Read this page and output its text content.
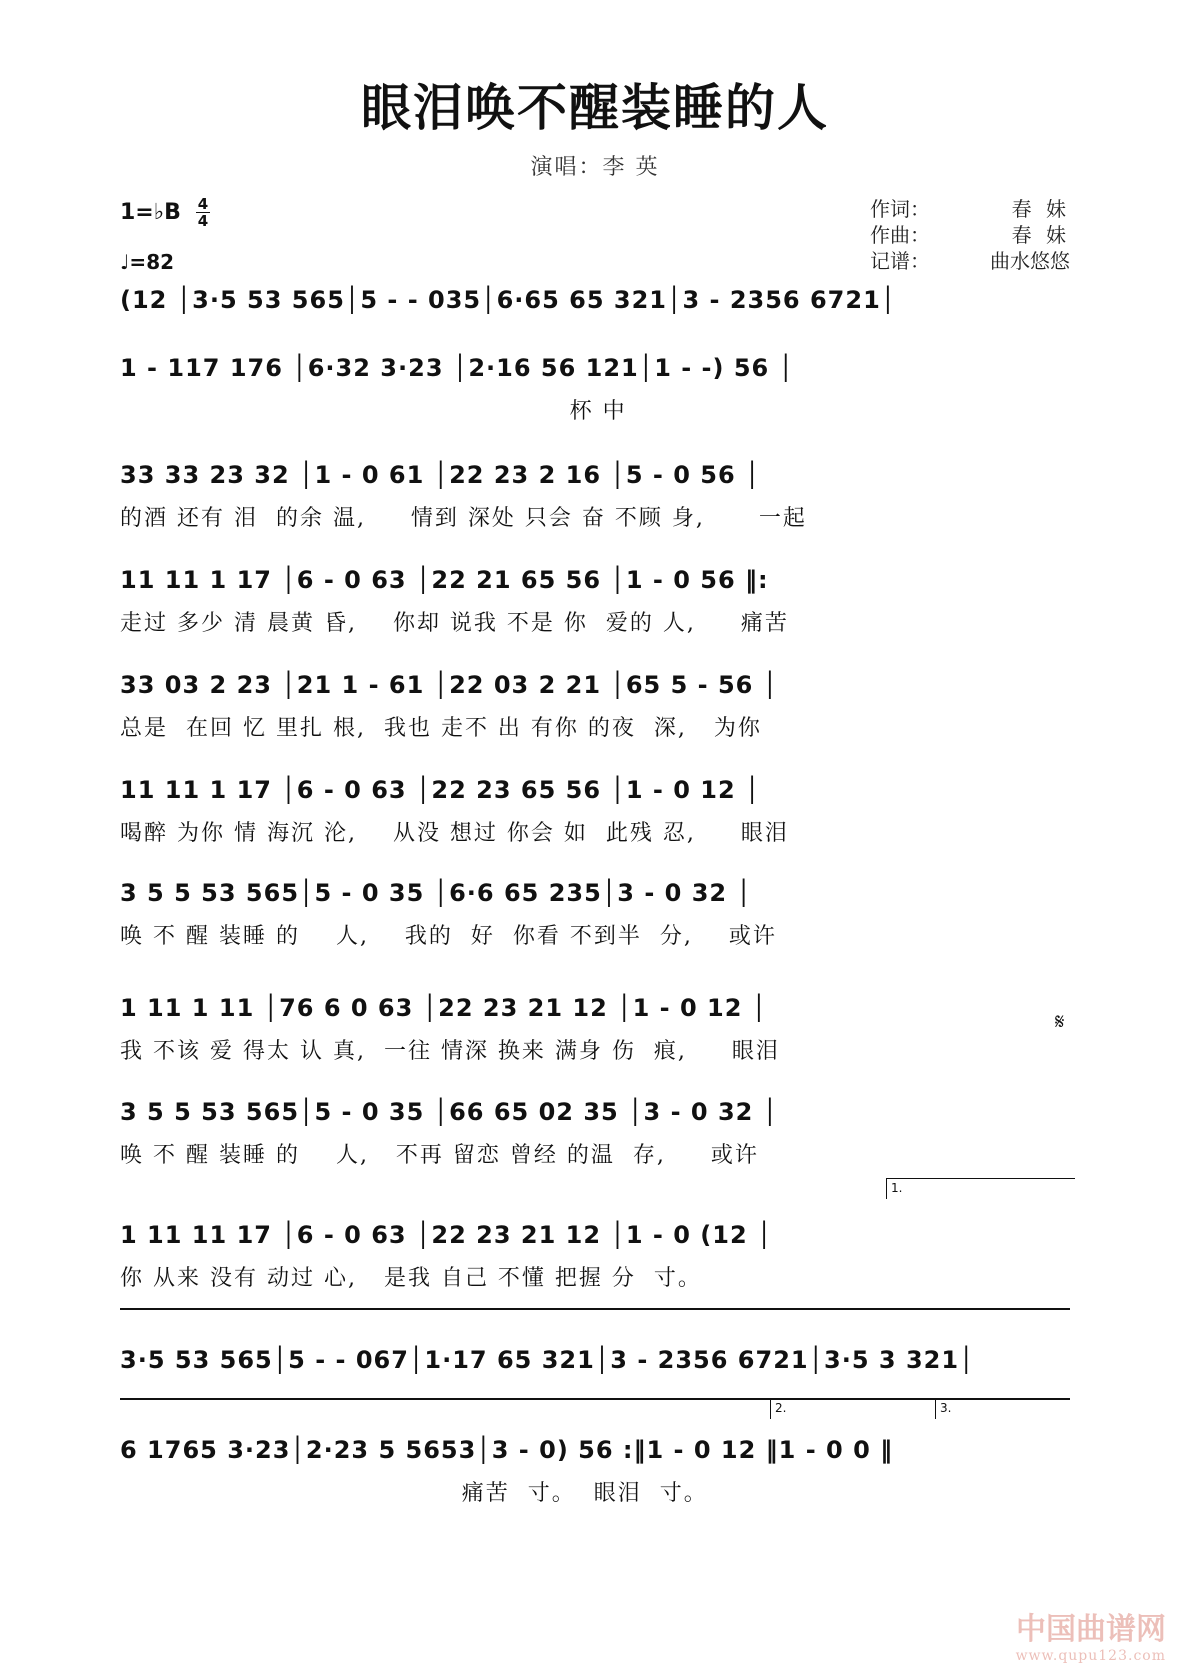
眼泪唤不醒装睡的人
演唱：李 英
1=♭B 4
4
♩=82
作词：	春 妹
作曲：	春 妹
记谱：	曲水悠悠
(12 │3·5 53 565│5 - - 035│6·65 65 321│3 - 2356 6721│
1 - 117 176 │6·32 3·23 │2·16 56 121│1 - -) 56 │
杯 中
33 33 23 32 │1 - 0 61 │22 23 2 16 │5 - 0 56 │
的酒 还有 泪  的余 温,     情到 深处 只会 奋 不顾 身,      一起
11 11 1 17 │6 - 0 63 │22 21 65 56 │1 - 0 56 ‖:
走过 多少 清 晨黄 昏,    你却 说我 不是 你  爱的 人,     痛苦
33 03 2 23 │21 1 - 61 │22 03 2 21 │65 5 - 56 │
总是  在回 忆 里扎 根,  我也 走不 出 有你 的夜  深,   为你
11 11 1 17 │6 - 0 63 │22 23 65 56 │1 - 0 12 │
喝醉 为你 情 海沉 沦,    从没 想过 你会 如  此残 忍,     眼泪
3 5 5 53 565│5 - 0 35 │6·6 65 235│3 - 0 32 │
唤 不 醒 装睡 的    人,    我的  好  你看 不到半  分,    或许
𝄋
1 11 1 11 │76 6 0 63 │22 23 21 12 │1 - 0 12 │
我 不该 爱 得太 认 真,  一往 情深 换来 满身 伤  痕,     眼泪
3 5 5 53 565│5 - 0 35 │66 65 02 35 │3 - 0 32 │
唤 不 醒 装睡 的    人,   不再 留恋 曾经 的温  存,     或许
1.
1 11 11 17 │6 - 0 63 │22 23 21 12 │1 - 0 (12 │
你 从来 没有 动过 心,   是我 自己 不懂 把握 分  寸。
3·5 53 565│5 - - 067│1·17 65 321│3 - 2356 6721│3·5 3 321│
2.	3.
6 1765 3·23│2·23 5 5653│3 - 0) 56 :‖1 - 0 12 ‖1 - 0 0 ‖
痛苦  寸。  眼泪  寸。
中国曲谱网
www.qupu123.com
